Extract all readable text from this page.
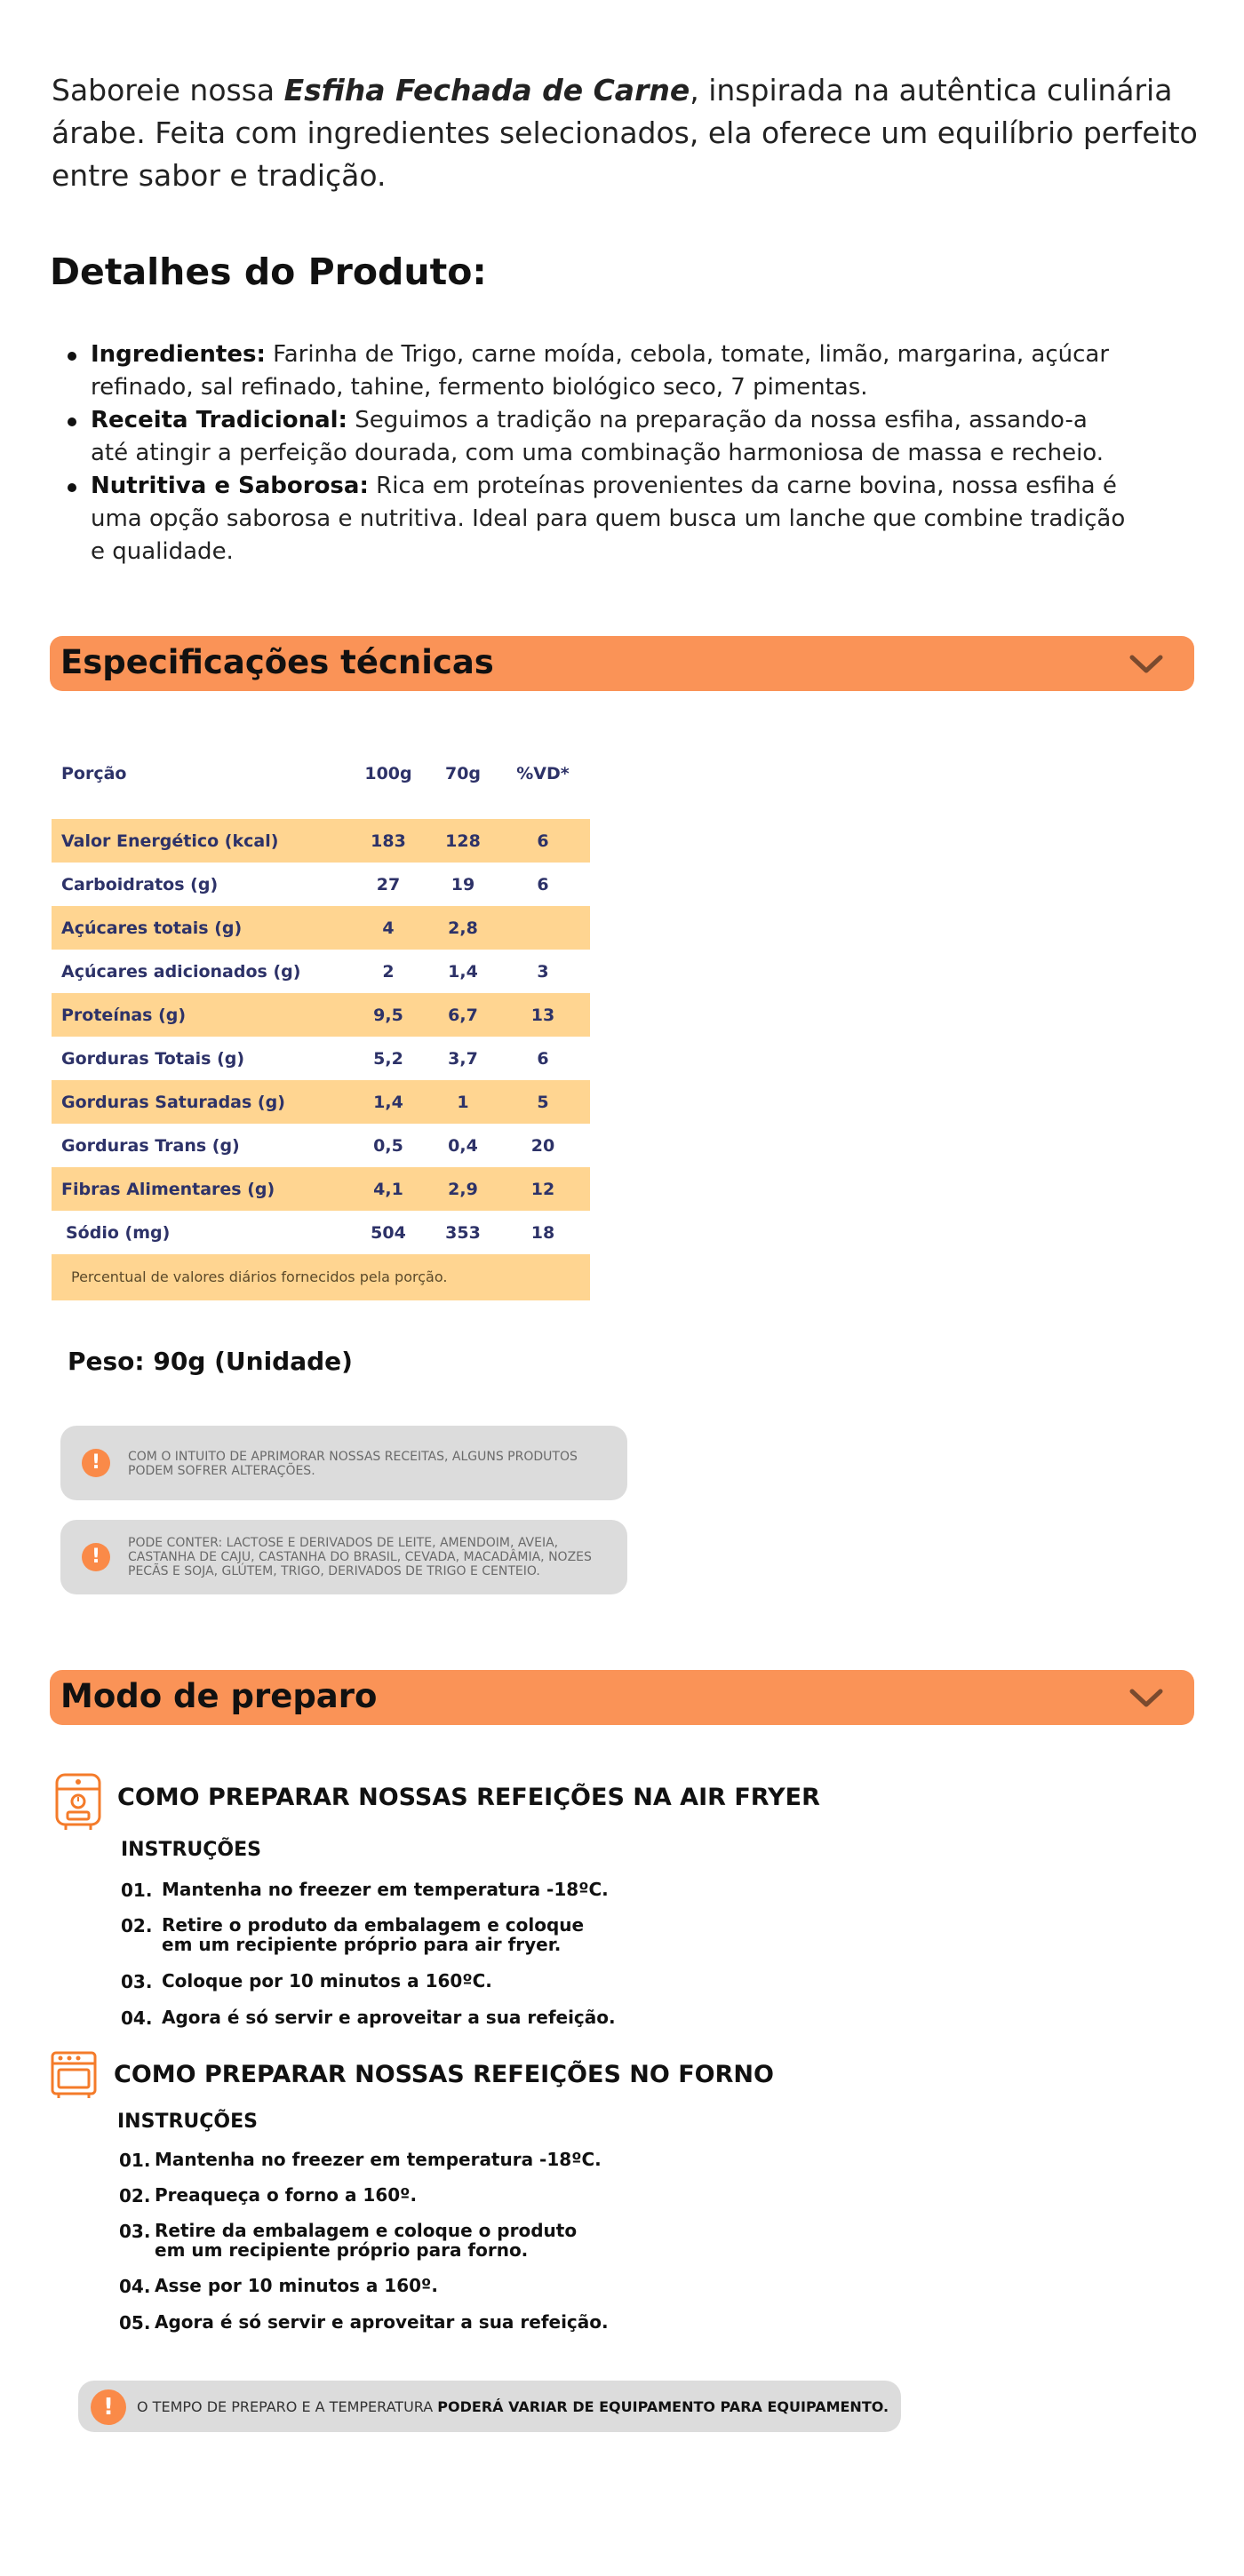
Saboreie nossa Esfiha Fechada de Carne, inspirada na autêntica culinária árabe. Feita com ingredientes selecionados, ela oferece um equilíbrio perfeito entre sabor e tradição.

Detalhes do Produto:
Ingredientes: Farinha de Trigo, carne moída, cebola, tomate, limão, margarina, açúcar refinado, sal refinado, tahine, fermento biológico seco, 7 pimentas.
Receita Tradicional: Seguimos a tradição na preparação da nossa esfiha, assando-a até atingir a perfeição dourada, com uma combinação harmoniosa de massa e recheio.
Nutritiva e Saborosa: Rica em proteínas provenientes da carne bovina, nossa esfiha é uma opção saborosa e nutritiva. Ideal para quem busca um lanche que combine tradição e qualidade.
Especificações técnicas
Porção	100g	70g	%VD*
Valor Energético (kcal)	183	128	6
Carboidratos (g)	27	19	6
Açúcares totais (g)	4	2,8
Açúcares adicionados (g)	2	1,4	3
Proteínas (g)	9,5	6,7	13
Gorduras Totais (g)	5,2	3,7	6
Gorduras Saturadas (g)	1,4	1	5
Gorduras Trans (g)	0,5	0,4	20
Fibras Alimentares (g)	4,1	2,9	12
Sódio (mg)	504	353	18
Percentual de valores diários fornecidos pela porção.
Peso: 90g (Unidade)
!	COM O INTUITO DE APRIMORAR NOSSAS RECEITAS, ALGUNS PRODUTOS PODEM SOFRER ALTERAÇÕES.
!
PODE CONTER: LACTOSE E DERIVADOS DE LEITE, AMENDOIM, AVEIA, CASTANHA DE CAJU, CASTANHA DO BRASIL, CEVADA, MACADÂMIA, NOZES PECÃS E SOJA, GLÚTEM, TRIGO, DERIVADOS DE TRIGO E CENTEIO.
Modo de preparo
COMO PREPARAR NOSSAS REFEIÇÕES NA AIR FRYER
INSTRUÇÕES
01. Mantenha no freezer em temperatura -18ºC.
02. Retire o produto da embalagem e coloque em um recipiente próprio para air fryer.
03. Coloque por 10 minutos a 160ºC.
04. Agora é só servir e aproveitar a sua refeição.
COMO PREPARAR NOSSAS REFEIÇÕES NO FORNO
INSTRUÇÕES
01. Mantenha no freezer em temperatura -18ºC.
02. Preaqueça o forno a 160º.
03. Retire da embalagem e coloque o produto em um recipiente próprio para forno.
04. Asse por 10 minutos a 160º.
05. Agora é só servir e aproveitar a sua refeição.
!	O TEMPO DE PREPARO E A TEMPERATURA PODERÁ VARIAR DE EQUIPAMENTO PARA EQUIPAMENTO.
